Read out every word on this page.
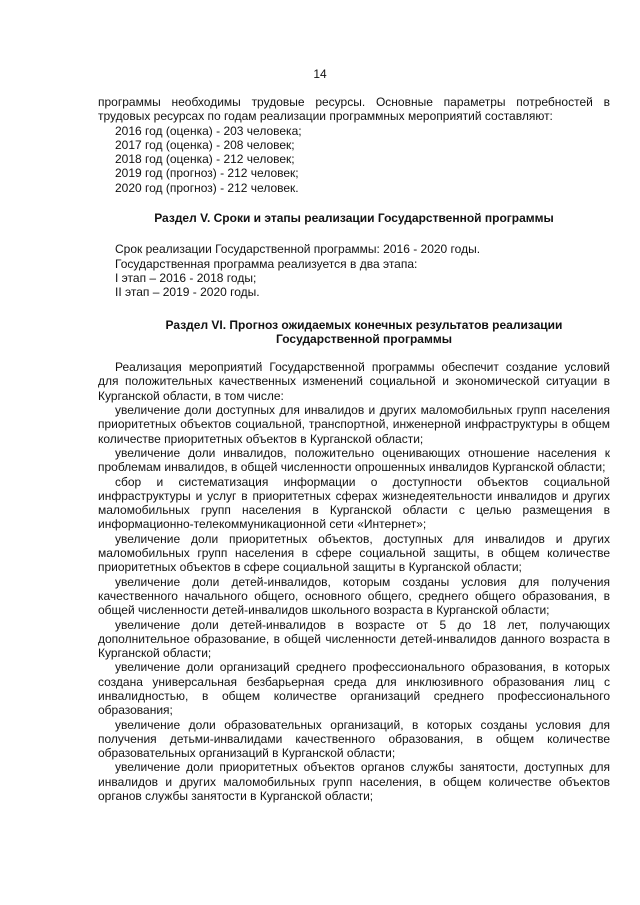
14

программы необходимы трудовые ресурсы. Основные параметры потребностей в трудовых ресурсах по годам реализации программных мероприятий составляют:

2016 год (оценка) - 203 человека;

2017 год (оценка) - 208 человек;

2018 год (оценка) - 212 человек;

2019 год (прогноз) - 212 человек;

2020 год (прогноз) - 212 человек.

Раздел V. Сроки и этапы реализации Государственной программы

Срок реализации Государственной программы: 2016 - 2020 годы.

Государственная программа реализуется в два этапа:

I этап – 2016 - 2018 годы;

II этап – 2019 - 2020 годы.

Раздел VI. Прогноз ожидаемых конечных результатов реализации
Государственной программы

Реализация мероприятий Государственной программы обеспечит создание условий для положительных качественных изменений социальной и экономической ситуации в Курганской области, в том числе:

увеличение доли доступных для инвалидов и других маломобильных групп населения приоритетных объектов социальной, транспортной, инженерной инфраструктуры в общем количестве приоритетных объектов в Курганской области;

увеличение доли инвалидов, положительно оценивающих отношение населения к проблемам инвалидов, в общей численности опрошенных инвалидов Курганской области;

сбор и систематизация информации о доступности объектов социальной инфраструктуры и услуг в приоритетных сферах жизнедеятельности инвалидов и других маломобильных групп населения в Курганской области с целью размещения в информационно-телекоммуникационной сети «Интернет»;

увеличение доли приоритетных объектов, доступных для инвалидов и других маломобильных групп населения в сфере социальной защиты, в общем количестве приоритетных объектов в сфере социальной защиты в Курганской области;

увеличение доли детей-инвалидов, которым созданы условия для получения качественного начального общего, основного общего, среднего общего образования, в общей численности детей-инвалидов школьного возраста в Курганской области;

увеличение доли детей-инвалидов в возрасте от 5 до 18 лет, получающих дополнительное образование, в общей численности детей-инвалидов данного возраста в Курганской области;

увеличение доли организаций среднего профессионального образования, в которых создана универсальная безбарьерная среда для инклюзивного образования лиц с инвалидностью, в общем количестве организаций среднего профессионального образования;

увеличение доли образовательных организаций, в которых созданы условия для получения детьми-инвалидами качественного образования, в общем количестве образовательных организаций в Курганской области;

увеличение доли приоритетных объектов органов службы занятости, доступных для инвалидов и других маломобильных групп населения, в общем количестве объектов органов службы занятости в Курганской области;
